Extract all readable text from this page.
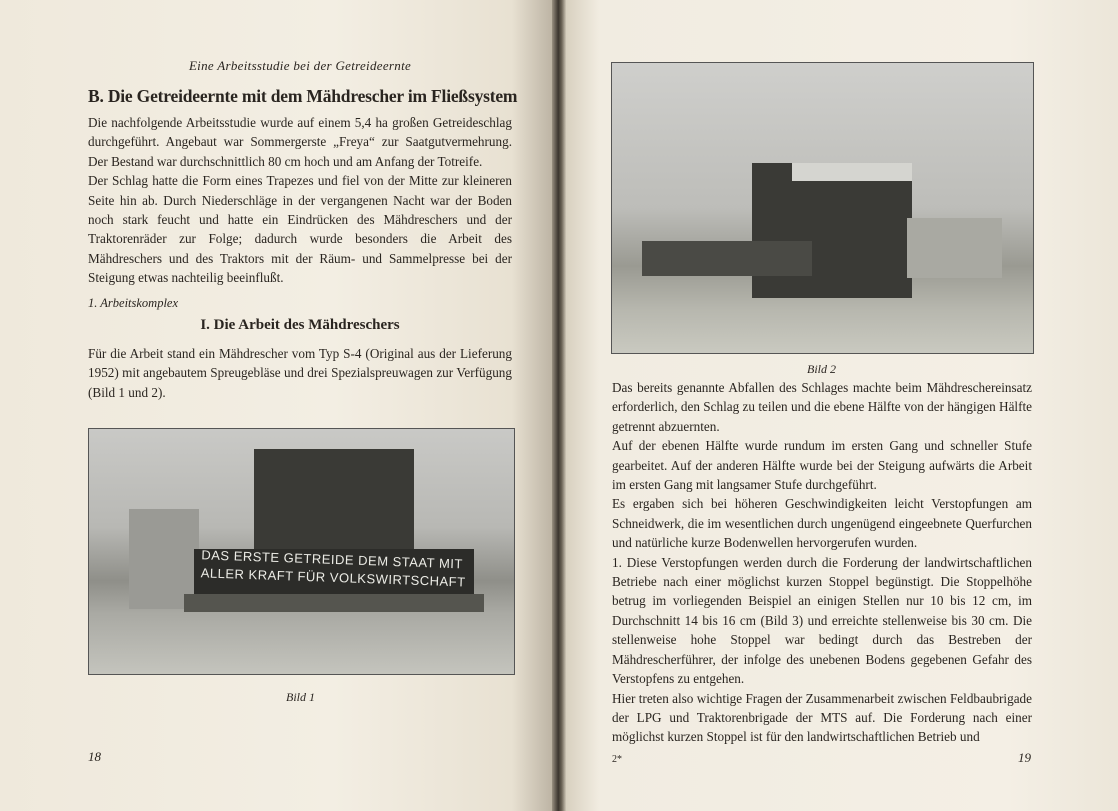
Eine Arbeitsstudie bei der Getreideernte
B. Die Getreideernte mit dem Mähdrescher im Fließsystem

Die nachfolgende Arbeitsstudie wurde auf einem 5,4 ha großen Getreideschlag durchgeführt. Angebaut war Sommergerste „Freya“ zur Saatgutvermehrung. Der Bestand war durchschnittlich 80 cm hoch und am Anfang der Totreife.

Der Schlag hatte die Form eines Trapezes und fiel von der Mitte zur kleineren Seite hin ab. Durch Niederschläge in der vergangenen Nacht war der Boden noch stark feucht und hatte ein Eindrücken des Mähdreschers und der Traktorenräder zur Folge; dadurch wurde besonders die Arbeit des Mähdreschers und des Traktors mit der Räum- und Sammelpresse bei der Steigung etwas nachteilig beeinflußt.

1. Arbeitskomplex
I. Die Arbeit des Mähdreschers

Für die Arbeit stand ein Mähdrescher vom Typ S-4 (Original aus der Lieferung 1952) mit angebautem Spreugebläse und drei Spezialspreuwagen zur Verfügung (Bild 1 und 2).

DAS ERSTE GETREIDE DEM STAAT MIT ALLER KRAFT FÜR VOLKSWIRTSCHAFT
Bild 1
18
Bild 2

Das bereits genannte Abfallen des Schlages machte beim Mähdreschereinsatz erforderlich, den Schlag zu teilen und die ebene Hälfte von der hängigen Hälfte getrennt abzuernten.

Auf der ebenen Hälfte wurde rundum im ersten Gang und schneller Stufe gearbeitet. Auf der anderen Hälfte wurde bei der Steigung aufwärts die Arbeit im ersten Gang mit langsamer Stufe durchgeführt.

Es ergaben sich bei höheren Geschwindigkeiten leicht Verstopfungen am Schneidwerk, die im wesentlichen durch ungenügend eingeebnete Querfurchen und natürliche kurze Bodenwellen hervorgerufen wurden.

1. Diese Verstopfungen werden durch die Forderung der landwirtschaftlichen Betriebe nach einer möglichst kurzen Stoppel begünstigt. Die Stoppelhöhe betrug im vorliegenden Beispiel an einigen Stellen nur 10 bis 12 cm, im Durchschnitt 14 bis 16 cm (Bild 3) und erreichte stellenweise bis 30 cm. Die stellenweise hohe Stoppel war bedingt durch das Bestreben der Mähdrescherführer, der infolge des unebenen Bodens gegebenen Gefahr des Verstopfens zu entgehen.

Hier treten also wichtige Fragen der Zusammenarbeit zwischen Feldbaubrigade der LPG und Traktorenbrigade der MTS auf. Die Forderung nach einer möglichst kurzen Stoppel ist für den landwirtschaftlichen Betrieb und

2*	19
